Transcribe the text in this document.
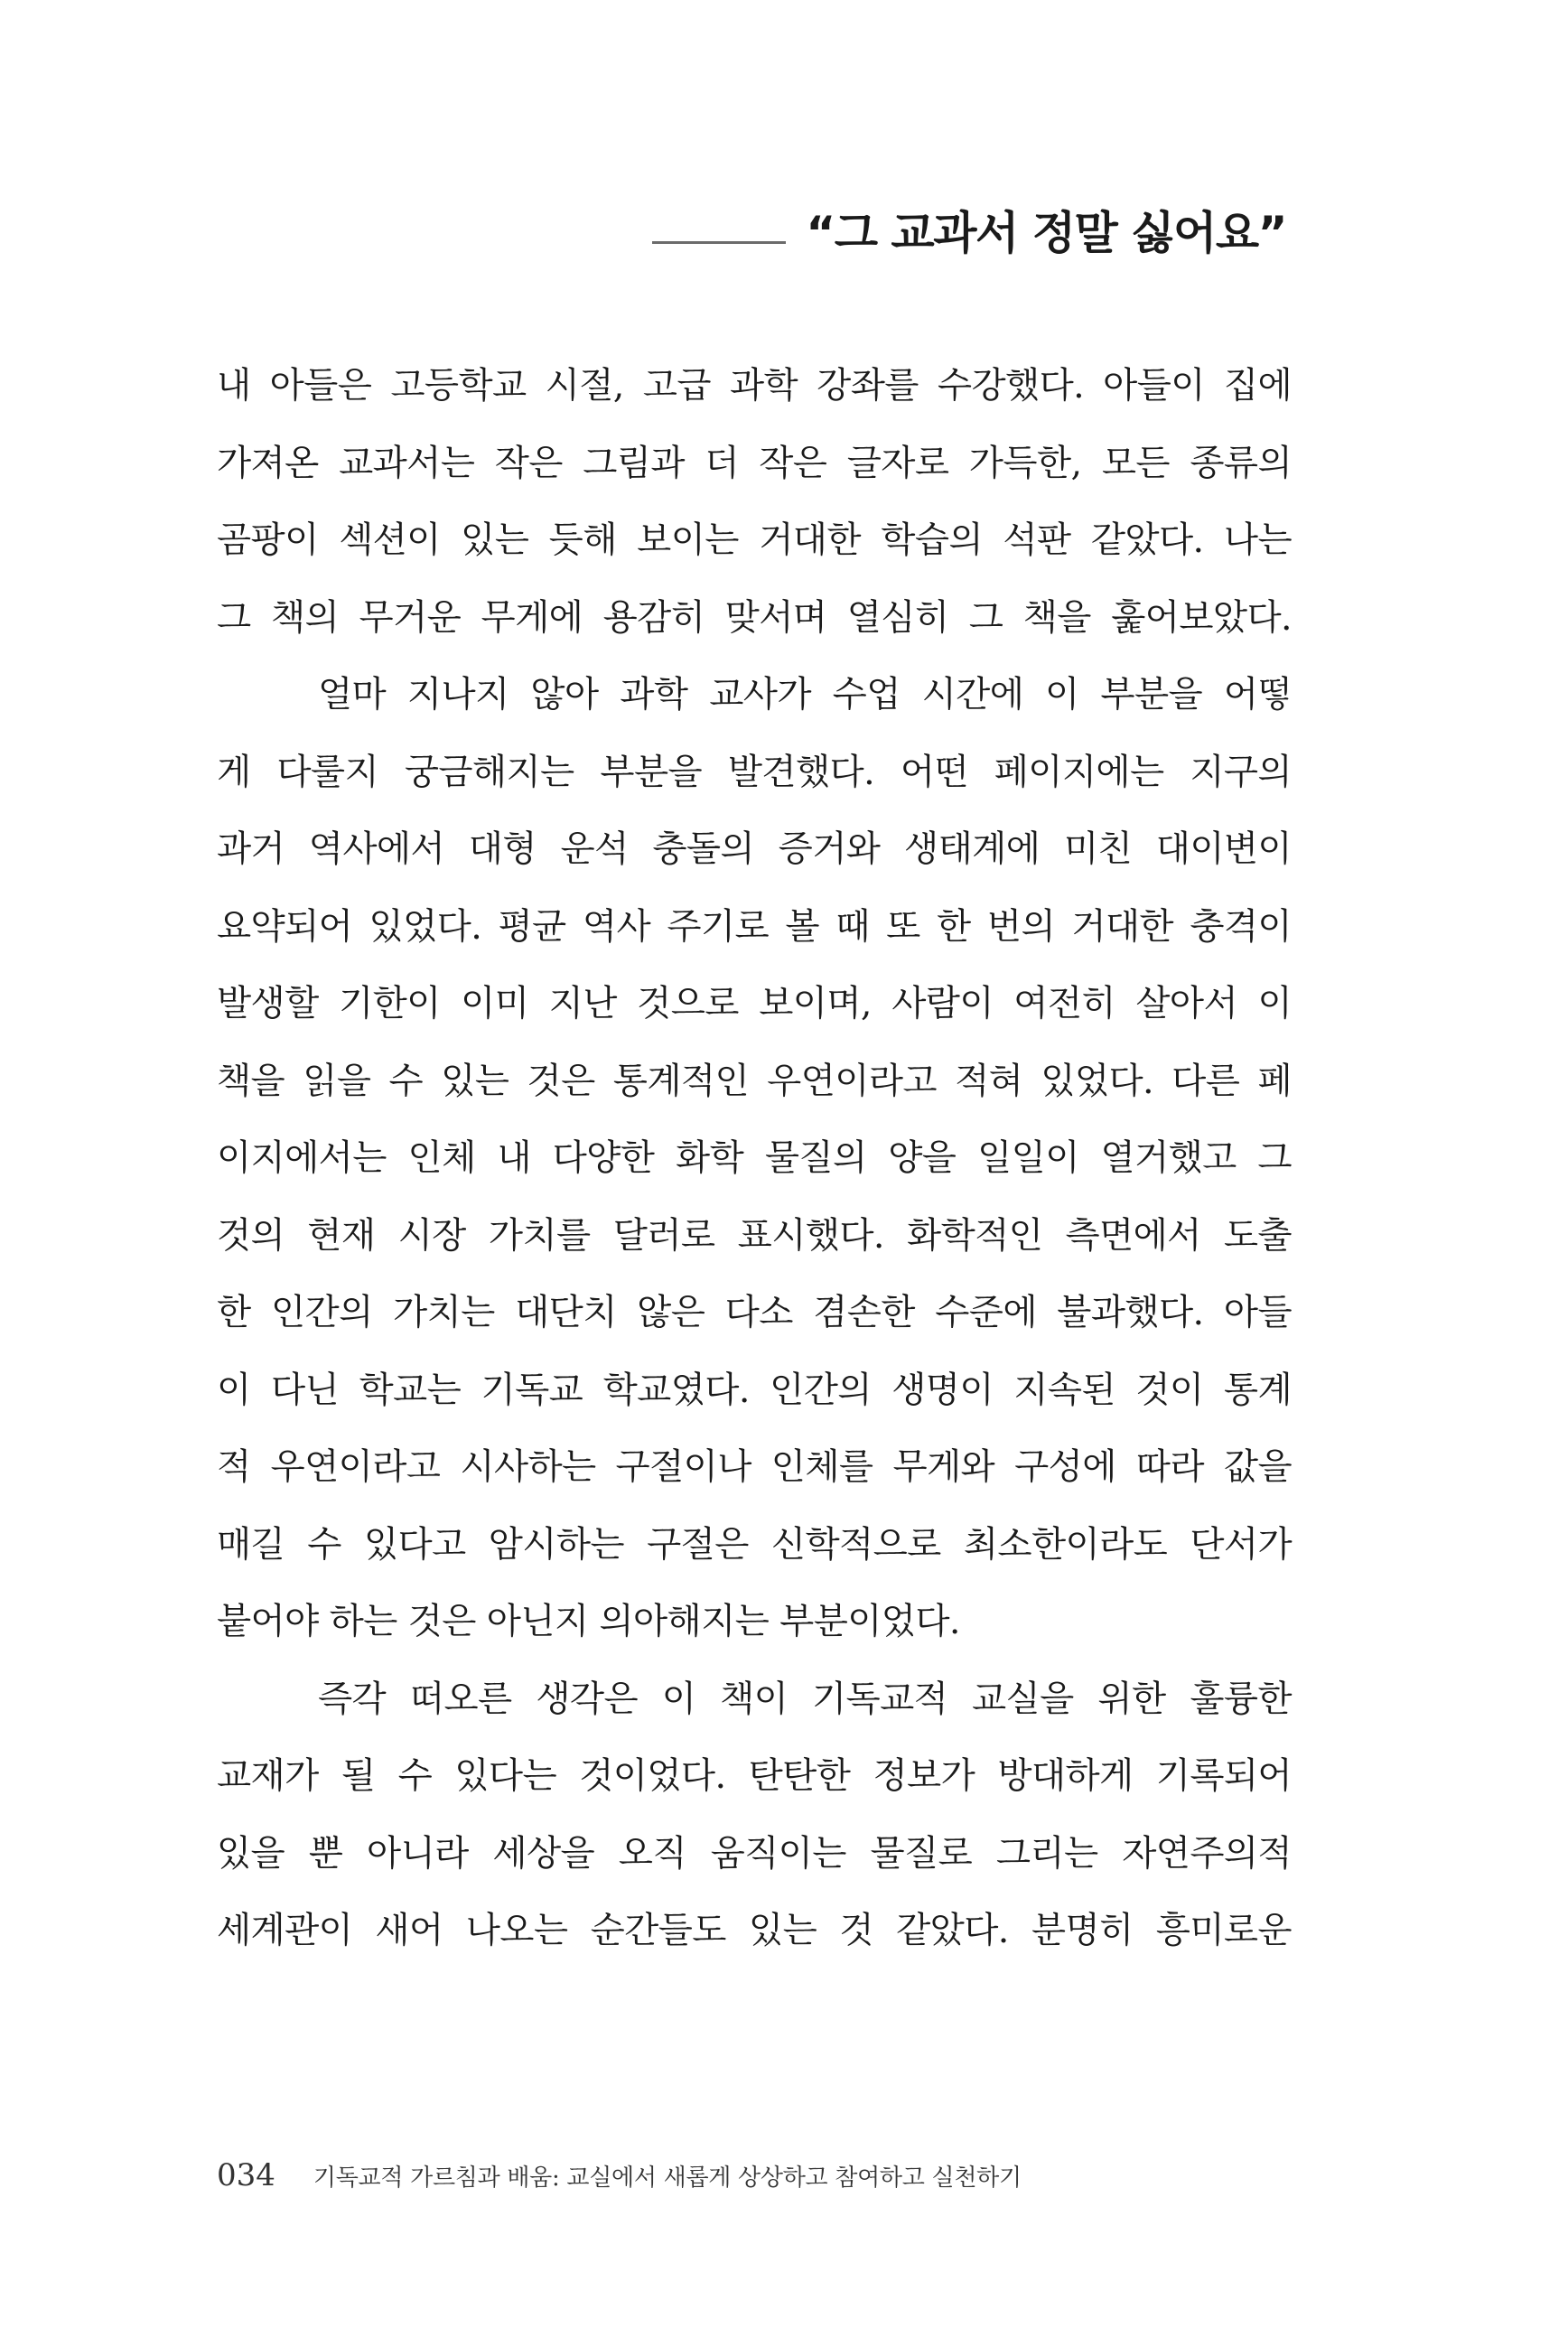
“그 교과서 정말 싫어요”
내 아들은 고등학교 시절, 고급 과학 강좌를 수강했다. 아들이 집에
가져온 교과서는 작은 그림과 더 작은 글자로 가득한, 모든 종류의
곰팡이 섹션이 있는 듯해 보이는 거대한 학습의 석판 같았다. 나는
그 책의 무거운 무게에 용감히 맞서며 열심히 그 책을 훑어보았다.
얼마 지나지 않아 과학 교사가 수업 시간에 이 부분을 어떻
게 다룰지 궁금해지는 부분을 발견했다. 어떤 페이지에는 지구의
과거 역사에서 대형 운석 충돌의 증거와 생태계에 미친 대이변이
요약되어 있었다. 평균 역사 주기로 볼 때 또 한 번의 거대한 충격이
발생할 기한이 이미 지난 것으로 보이며, 사람이 여전히 살아서 이
책을 읽을 수 있는 것은 통계적인 우연이라고 적혀 있었다. 다른 페
이지에서는 인체 내 다양한 화학 물질의 양을 일일이 열거했고 그
것의 현재 시장 가치를 달러로 표시했다. 화학적인 측면에서 도출
한 인간의 가치는 대단치 않은 다소 겸손한 수준에 불과했다. 아들
이 다닌 학교는 기독교 학교였다. 인간의 생명이 지속된 것이 통계
적 우연이라고 시사하는 구절이나 인체를 무게와 구성에 따라 값을
매길 수 있다고 암시하는 구절은 신학적으로 최소한이라도 단서가
붙어야 하는 것은 아닌지 의아해지는 부분이었다.
즉각 떠오른 생각은 이 책이 기독교적 교실을 위한 훌륭한
교재가 될 수 있다는 것이었다. 탄탄한 정보가 방대하게 기록되어
있을 뿐 아니라 세상을 오직 움직이는 물질로 그리는 자연주의적
세계관이 새어 나오는 순간들도 있는 것 같았다. 분명히 흥미로운
034 기독교적 가르침과 배움: 교실에서 새롭게 상상하고 참여하고 실천하기
